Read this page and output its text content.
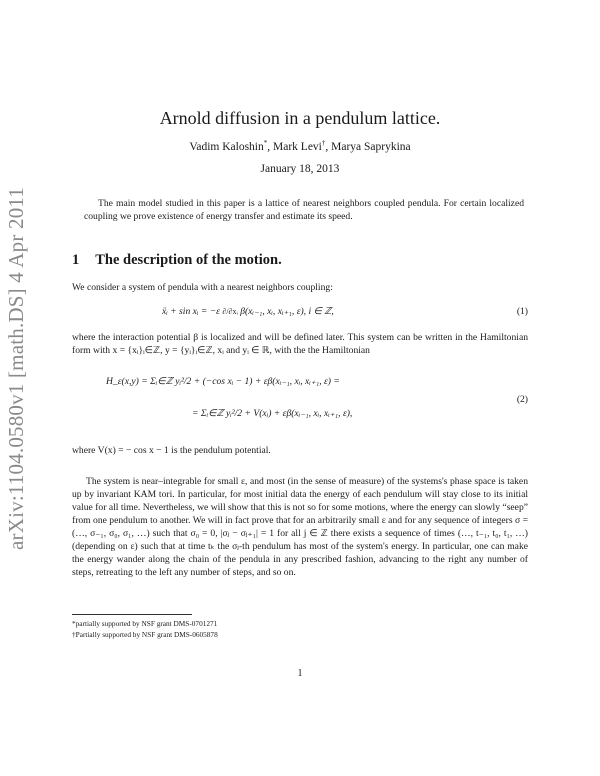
arXiv:1104.0580v1 [math.DS] 4 Apr 2011
Arnold diffusion in a pendulum lattice.
Vadim Kaloshin*, Mark Levi†, Marya Saprykina
January 18, 2013
The main model studied in this paper is a lattice of nearest neighbors coupled pendula. For certain localized coupling we prove existence of energy transfer and estimate its speed.
1 The description of the motion.
We consider a system of pendula with a nearest neighbors coupling:
ẍᵢ + sin xᵢ = −ε ∂/∂xᵢ β(xᵢ₋₁, xᵢ, xᵢ₊₁, ε), i ∈ ℤ,	(1)
where the interaction potential β is localized and will be defined later. This system can be written in the Hamiltonian form with x = {xᵢ}ᵢ∈ℤ, y = {yᵢ}ᵢ∈ℤ, xᵢ and yᵢ ∈ ℝ, with the the Hamiltonian
H_ε(x,y) = Σᵢ∈ℤ yᵢ²/2 + (−cos xᵢ − 1) + εβ(xᵢ₋₁, xᵢ, xᵢ₊₁, ε) =
= Σᵢ∈ℤ yᵢ²/2 + V(xᵢ) + εβ(xᵢ₋₁, xᵢ, xᵢ₊₁, ε),
(2)
where V(x) = − cos x − 1 is the pendulum potential.
The system is near–integrable for small ε, and most (in the sense of measure) of the systems's phase space is taken up by invariant KAM tori. In particular, for most initial data the energy of each pendulum will stay close to its initial value for all time. Nevertheless, we will show that this is not so for some motions, where the energy can slowly “seep” from one pendulum to another. We will in fact prove that for an arbitrarily small ε and for any sequence of integers σ = (…, σ₋₁, σ₀, σ₁, …) such that σ₀ = 0, |σⱼ − σⱼ₊₁| = 1 for all j ∈ ℤ there exists a sequence of times (…, t₋₁, t₀, t₁, …) (depending on ε) such that at time tₖ the σⱼ-th pendulum has most of the system's energy. In particular, one can make the energy wander along the chain of the pendula in any prescribed fashion, advancing to the right any number of steps, retreating to the left any number of steps, and so on.
*partially supported by NSF grant DMS-0701271
†Partially supported by NSF grant DMS-0605878
1
